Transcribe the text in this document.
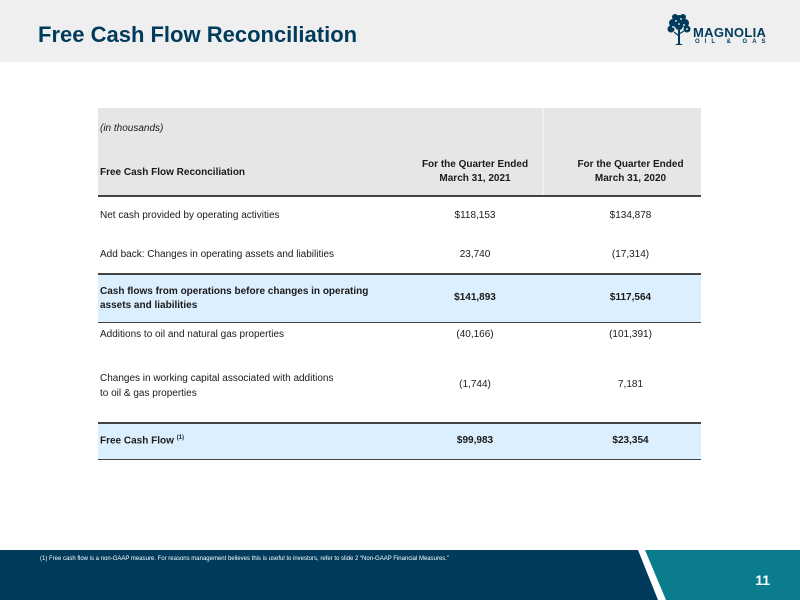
Free Cash Flow Reconciliation	MAGNOLIA
OIL & GAS
(in thousands)
Free Cash Flow Reconciliation
For the Quarter Ended
March 31, 2021
For the Quarter Ended
March 31, 2020
Net cash provided by operating activities	$118,153	$134,878
Add back: Changes in operating assets and liabilities	23,740	(17,314)
Cash flows from operations before changes in operating
assets and liabilities
$141,893	$117,564
Additions to oil and natural gas properties	(40,166)	(101,391)
Changes in working capital associated with additions
to oil & gas properties
(1,744)	7,181
Free Cash Flow $^{(1)}$	$99,983	$23,354
(1) Free cash flow is a non-GAAP measure. For reasons management believes this is useful to investors, refer to slide 2 “Non-GAAP Financial Measures.”
11
